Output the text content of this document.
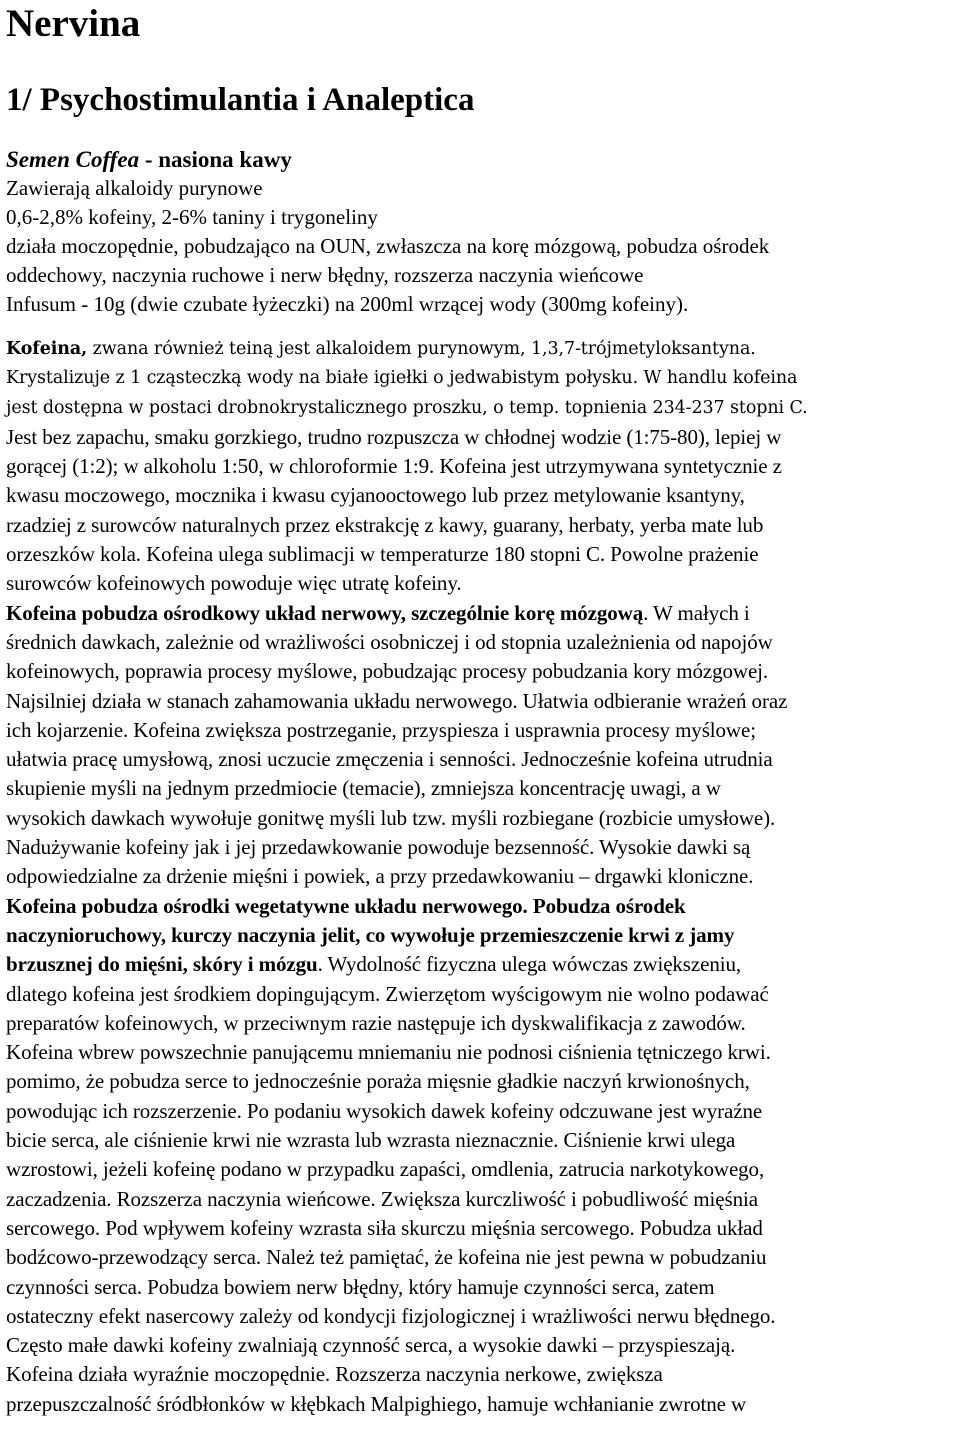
Nervina
1/ Psychostimulantia i Analeptica
Semen Coffea - nasiona kawy
Zawierają alkaloidy purynowe
0,6-2,8% kofeiny, 2-6% taniny i trygoneliny
działa moczopędnie, pobudzająco na OUN, zwłaszcza na korę mózgową, pobudza ośrodek
oddechowy, naczynia ruchowe i nerw błędny, rozszerza naczynia wieńcowe
Infusum - 10g (dwie czubate łyżeczki) na 200ml wrzącej wody (300mg kofeiny).
Kofeina, zwana również teiną jest alkaloidem purynowym, 1,3,7-trójmetyloksantyna.
Krystalizuje z 1 cząsteczką wody na białe igiełki o jedwabistym połysku. W handlu kofeina
jest dostępna w postaci drobnokrystalicznego proszku, o temp. topnienia 234-237 stopni C.
Jest bez zapachu, smaku gorzkiego, trudno rozpuszcza w chłodnej wodzie (1:75-80), lepiej w
gorącej (1:2); w alkoholu 1:50, w chloroformie 1:9. Kofeina jest utrzymywana syntetycznie z
kwasu moczowego, mocznika i kwasu cyjanooctowego lub przez metylowanie ksantyny,
rzadziej z surowców naturalnych przez ekstrakcję z kawy, guarany, herbaty, yerba mate lub
orzeszków kola. Kofeina ulega sublimacji w temperaturze 180 stopni C. Powolne prażenie
surowców kofeinowych powoduje więc utratę kofeiny.
Kofeina pobudza ośrodkowy układ nerwowy, szczególnie korę mózgową. W małych i
średnich dawkach, zależnie od wrażliwości osobniczej i od stopnia uzależnienia od napojów
kofeinowych, poprawia procesy myślowe, pobudzając procesy pobudzania kory mózgowej.
Najsilniej działa w stanach zahamowania układu nerwowego. Ułatwia odbieranie wrażeń oraz
ich kojarzenie. Kofeina zwiększa postrzeganie, przyspiesza i usprawnia procesy myślowe;
ułatwia pracę umysłową, znosi uczucie zmęczenia i senności. Jednocześnie kofeina utrudnia
skupienie myśli na jednym przedmiocie (temacie), zmniejsza koncentrację uwagi, a w
wysokich dawkach wywołuje gonitwę myśli lub tzw. myśli rozbiegane (rozbicie umysłowe).
Nadużywanie kofeiny jak i jej przedawkowanie powoduje bezsenność. Wysokie dawki są
odpowiedzialne za drżenie mięśni i powiek, a przy przedawkowaniu – drgawki kloniczne.
Kofeina pobudza ośrodki wegetatywne układu nerwowego. Pobudza ośrodek
naczynioruchowy, kurczy naczynia jelit, co wywołuje przemieszczenie krwi z jamy
brzusznej do mięśni, skóry i mózgu. Wydolność fizyczna ulega wówczas zwiększeniu,
dlatego kofeina jest środkiem dopingującym. Zwierzętom wyścigowym nie wolno podawać
preparatów kofeinowych, w przeciwnym razie następuje ich dyskwalifikacja z zawodów.
Kofeina wbrew powszechnie panującemu mniemaniu nie podnosi ciśnienia tętniczego krwi.
pomimo, że pobudza serce to jednocześnie poraża mięsnie gładkie naczyń krwionośnych,
powodując ich rozszerzenie. Po podaniu wysokich dawek kofeiny odczuwane jest wyraźne
bicie serca, ale ciśnienie krwi nie wzrasta lub wzrasta nieznacznie. Ciśnienie krwi ulega
wzrostowi, jeżeli kofeinę podano w przypadku zapaści, omdlenia, zatrucia narkotykowego,
zaczadzenia. Rozszerza naczynia wieńcowe. Zwiększa kurczliwość i pobudliwość mięśnia
sercowego. Pod wpływem kofeiny wzrasta siła skurczu mięśnia sercowego. Pobudza układ
bodźcowo-przewodzący serca. Należ też pamiętać, że kofeina nie jest pewna w pobudzaniu
czynności serca. Pobudza bowiem nerw błędny, który hamuje czynności serca, zatem
ostateczny efekt nasercowy zależy od kondycji fizjologicznej i wrażliwości nerwu błędnego.
Często małe dawki kofeiny zwalniają czynność serca, a wysokie dawki – przyspieszają.
Kofeina działa wyraźnie moczopędnie. Rozszerza naczynia nerkowe, zwiększa
przepuszczalność śródbłonków w kłębkach Malpighiego, hamuje wchłanianie zwrotne w
